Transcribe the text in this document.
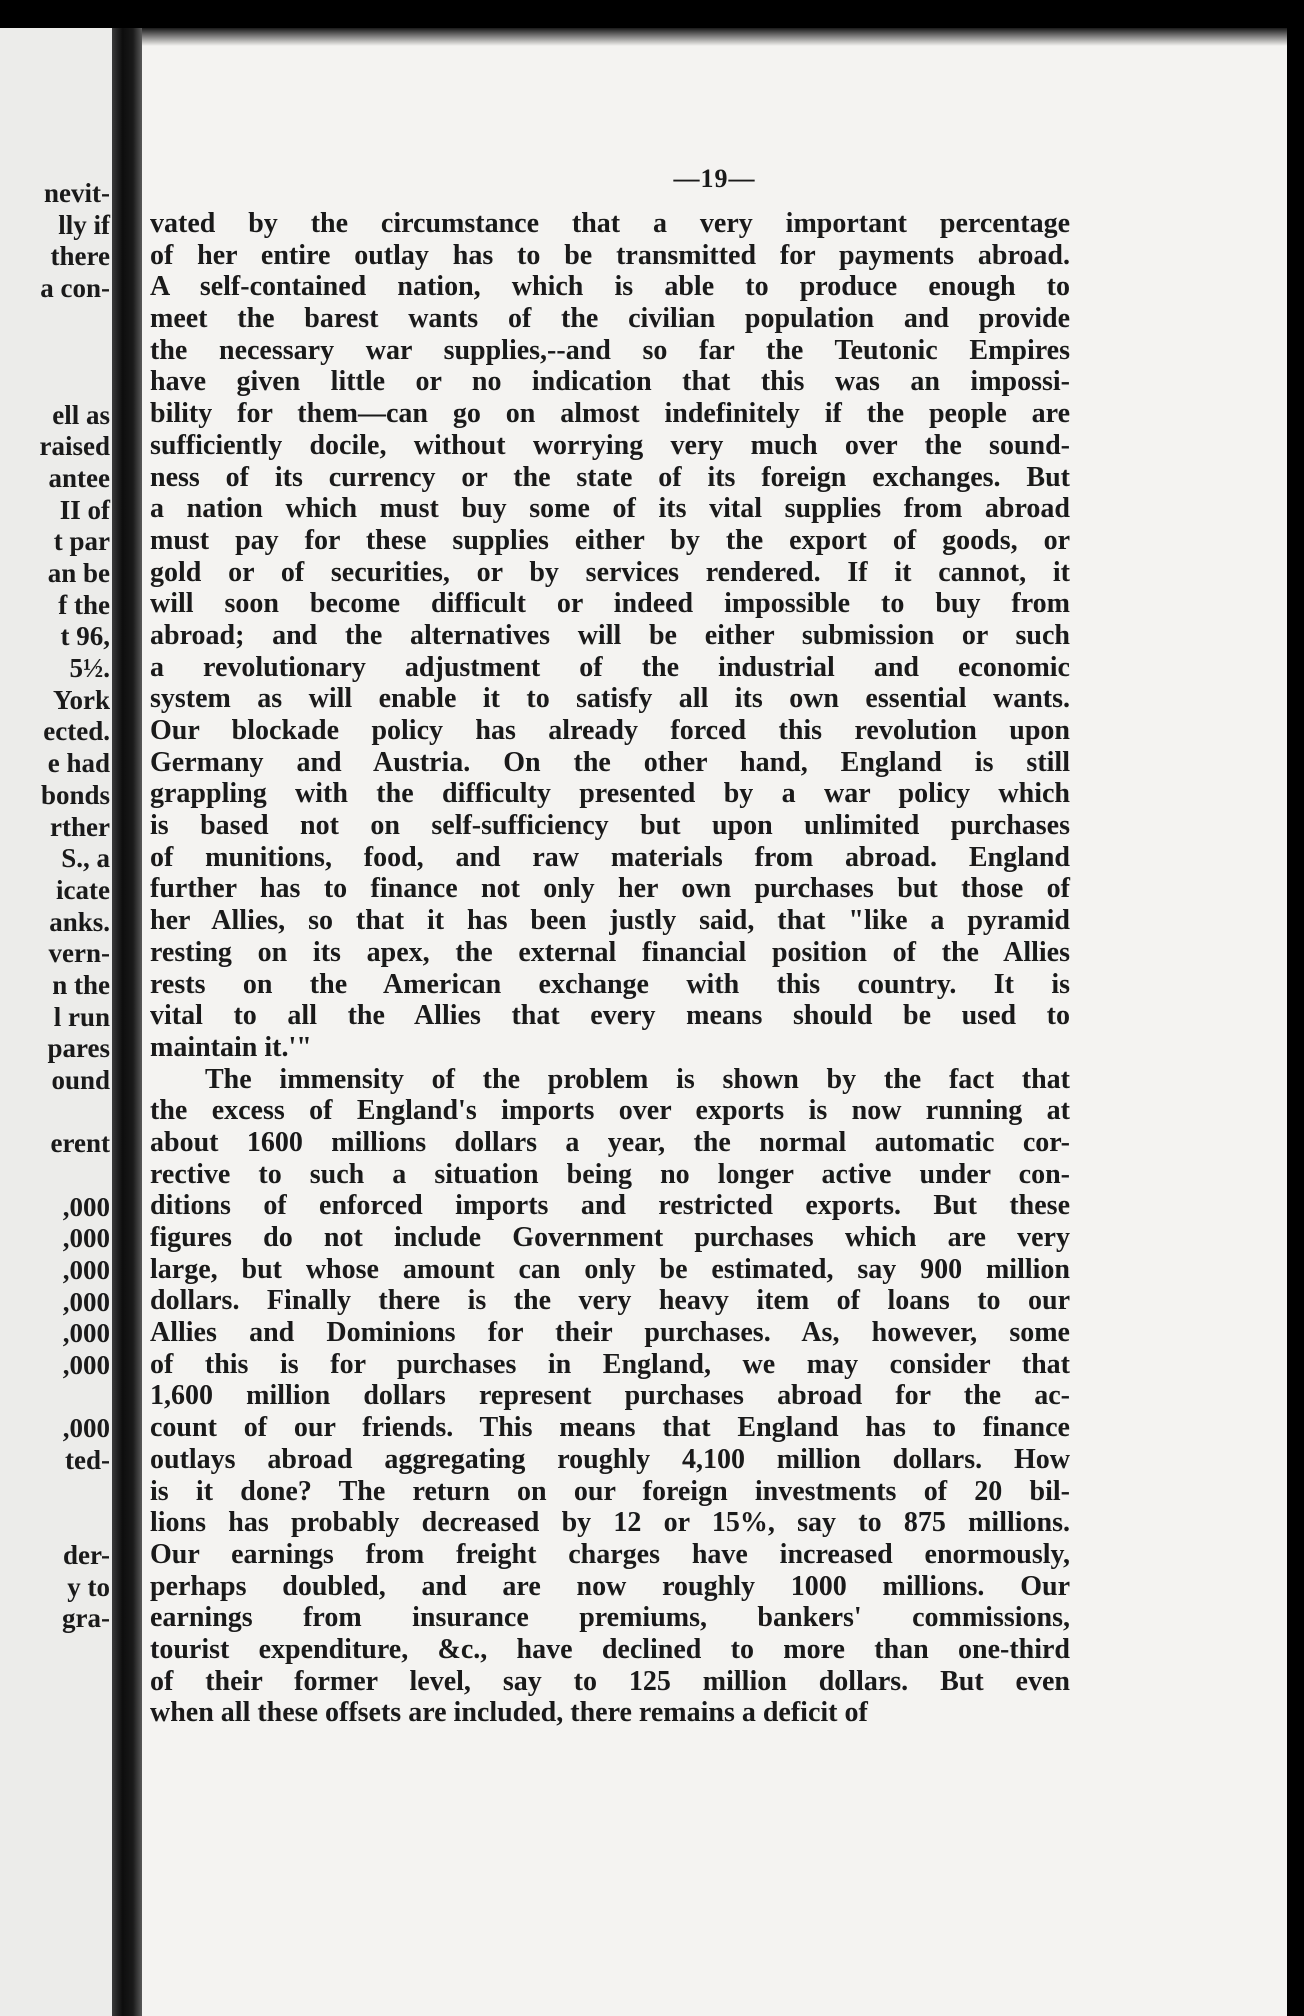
nevit-
lly if
there
a con-
ell as
raised
antee
II of
t par
an be
f the
t 96,
5½.
York
ected.
e had
bonds
rther
S., a
icate
anks.
vern-
n the
l run
pares
ound
erent
,000
,000
,000
,000
,000
,000
,000
ted-
der-
y to
gra-
—19—
vated by the circumstance that a very important percentage
of her entire outlay has to be transmitted for payments abroad.
A self-contained nation, which is able to produce enough to
meet the barest wants of the civilian population and provide
the necessary war supplies,--and so far the Teutonic Empires
have given little or no indication that this was an impossi-
bility for them—can go on almost indefinitely if the people are
sufficiently docile, without worrying very much over the sound-
ness of its currency or the state of its foreign exchanges. But
a nation which must buy some of its vital supplies from abroad
must pay for these supplies either by the export of goods, or
gold or of securities, or by services rendered. If it cannot, it
will soon become difficult or indeed impossible to buy from
abroad; and the alternatives will be either submission or such
a revolutionary adjustment of the industrial and economic
system as will enable it to satisfy all its own essential wants.
Our blockade policy has already forced this revolution upon
Germany and Austria. On the other hand, England is still
grappling with the difficulty presented by a war policy which
is based not on self-sufficiency but upon unlimited purchases
of munitions, food, and raw materials from abroad. England
further has to finance not only her own purchases but those of
her Allies, so that it has been justly said, that "like a pyramid
resting on its apex, the external financial position of the Allies
rests on the American exchange with this country. It is
vital to all the Allies that every means should be used to
maintain it.'"
The immensity of the problem is shown by the fact that
the excess of England's imports over exports is now running at
about 1600 millions dollars a year, the normal automatic cor-
rective to such a situation being no longer active under con-
ditions of enforced imports and restricted exports. But these
figures do not include Government purchases which are very
large, but whose amount can only be estimated, say 900 million
dollars. Finally there is the very heavy item of loans to our
Allies and Dominions for their purchases. As, however, some
of this is for purchases in England, we may consider that
1,600 million dollars represent purchases abroad for the ac-
count of our friends. This means that England has to finance
outlays abroad aggregating roughly 4,100 million dollars. How
is it done? The return on our foreign investments of 20 bil-
lions has probably decreased by 12 or 15%, say to 875 millions.
Our earnings from freight charges have increased enormously,
perhaps doubled, and are now roughly 1000 millions. Our
earnings from insurance premiums, bankers' commissions,
tourist expenditure, &c., have declined to more than one-third
of their former level, say to 125 million dollars. But even
when all these offsets are included, there remains a deficit of
